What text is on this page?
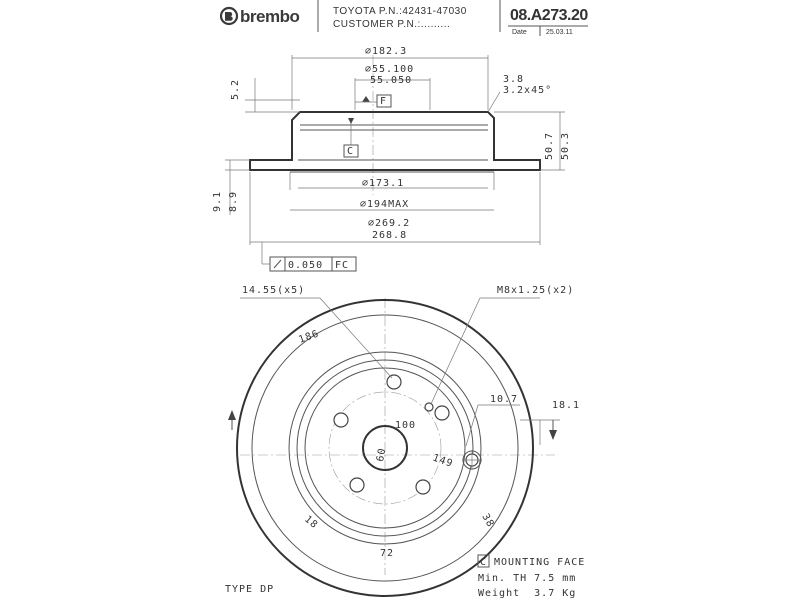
brembo	TOYOTA P.N.:42431-47030
CUSTOMER P.N.:.........
08.A273.20
Date	25.03.11
∅182.3
∅55.100
55.050
5.2	3.8
3.2x45°
F
C	50.7 50.3
9.1 8.9
∅173.1
∅194MAX
∅269.2
268.8
0.050 FC
14.55(x5)	M8x1.25(x2)
186
100
60	149
10.7
18.1
18	38
72
TYPE DP
C MOUNTING FACE
Min. TH 7.5 mm
Weight  3.7 Kg
